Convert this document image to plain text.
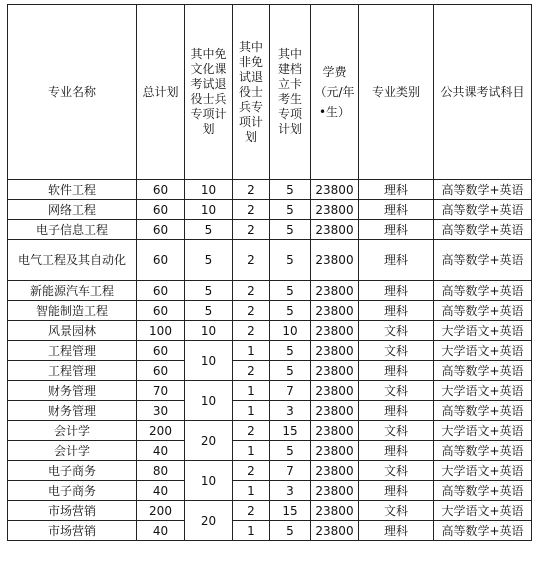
专业名称	总计划	其中免文化课考试退役士兵专项计划	其中非免试退役士兵专项计划	其中建档立卡考生专项计划	学费（元/年•生）	专业类别	公共课考试科目
软件工程	60	10	2	5	23800	理科	高等数学+英语
网络工程	60	10	2	5	23800	理科	高等数学+英语
电子信息工程	60	5	2	5	23800	理科	高等数学+英语
电气工程及其自动化	60	5	2	5	23800	理科	高等数学+英语
新能源汽车工程	60	5	2	5	23800	理科	高等数学+英语
智能制造工程	60	5	2	5	23800	理科	高等数学+英语
风景园林	100	10	2	10	23800	文科	大学语文+英语
工程管理	60	10	1	5	23800	文科	大学语文+英语
工程管理	60		2	5	23800	理科	高等数学+英语
财务管理	70	10	1	7	23800	文科	大学语文+英语
财务管理	30		1	3	23800	理科	高等数学+英语
会计学	200	20	2	15	23800	文科	大学语文+英语
会计学	40		1	5	23800	理科	高等数学+英语
电子商务	80	10	2	7	23800	文科	大学语文+英语
电子商务	40		1	3	23800	理科	高等数学+英语
市场营销	200	20	2	15	23800	文科	大学语文+英语
市场营销	40		1	5	23800	理科	高等数学+英语
